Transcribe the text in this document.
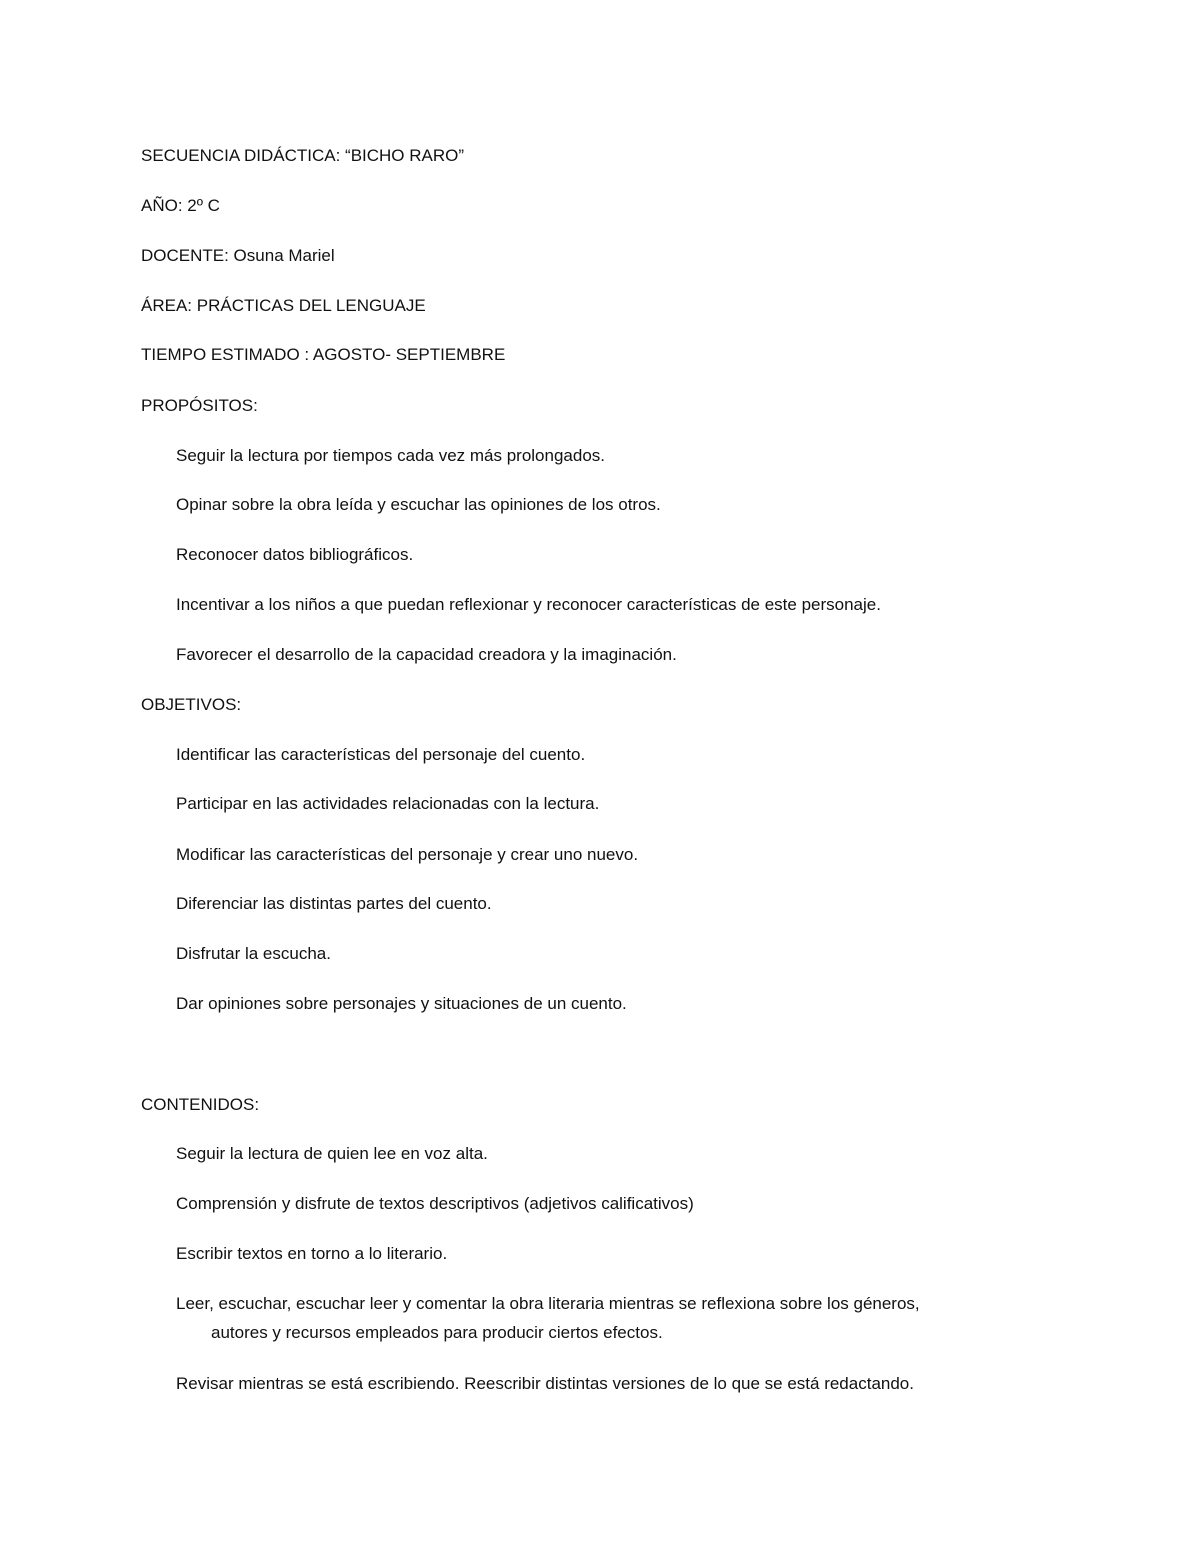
SECUENCIA DIDÁCTICA: “BICHO RARO”
AÑO: 2º C
DOCENTE: Osuna Mariel
ÁREA: PRÁCTICAS DEL LENGUAJE
TIEMPO ESTIMADO : AGOSTO- SEPTIEMBRE
PROPÓSITOS:
Seguir la lectura por tiempos cada vez más prolongados.
Opinar sobre la obra leída y escuchar las opiniones de los otros.
Reconocer datos bibliográficos.
Incentivar a los niños a que puedan reflexionar y reconocer características de este personaje.
Favorecer el desarrollo de la capacidad creadora y la imaginación.
OBJETIVOS:
Identificar las características del personaje del cuento.
Participar en las actividades relacionadas con la lectura.
Modificar las características del personaje y crear uno nuevo.
Diferenciar las distintas partes del cuento.
Disfrutar la escucha.
Dar opiniones sobre personajes y situaciones de un cuento.
CONTENIDOS:
Seguir la lectura de quien lee en voz alta.
Comprensión y disfrute de textos descriptivos (adjetivos calificativos)
Escribir textos en torno a lo literario.
Leer, escuchar, escuchar leer y comentar la obra literaria mientras se reflexiona sobre los géneros,
autores y recursos empleados para producir ciertos efectos.
Revisar mientras se está escribiendo. Reescribir distintas versiones de lo que se está redactando.
